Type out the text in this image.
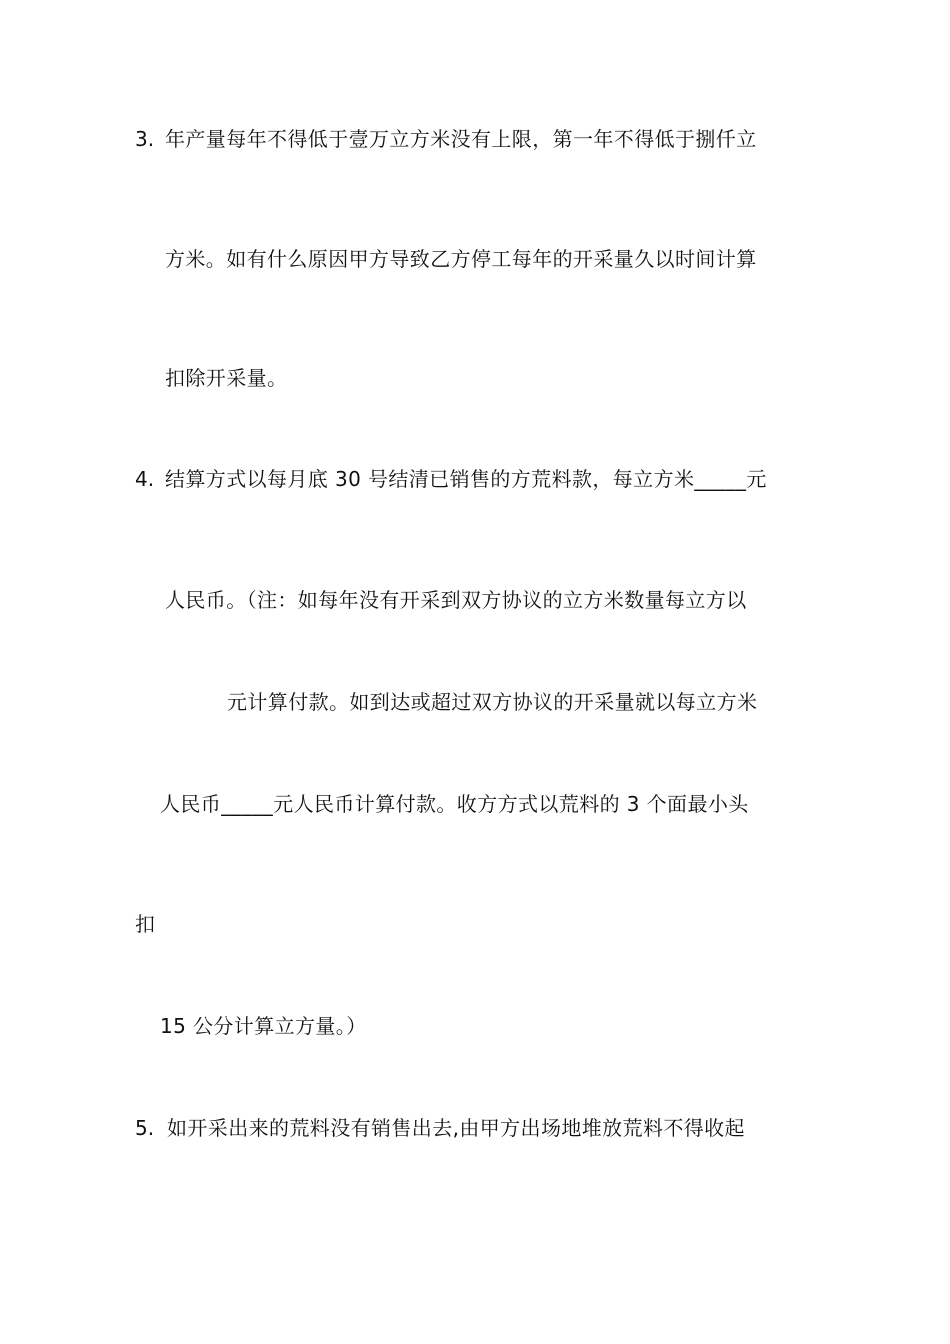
3. 年产量每年不得低于壹万立方米没有上限，第一年不得低于捌仟立
方米。如有什么原因甲方导致乙方停工每年的开采量久以时间计算
扣除开采量。
4. 结算方式以每月底 30 号结清已销售的方荒料款，每立方米_____元
人民币。（注：如每年没有开采到双方协议的立方米数量每立方以
元计算付款。如到达或超过双方协议的开采量就以每立方米
人民币_____元人民币计算付款。收方方式以荒料的 3 个面最小头
扣
15 公分计算立方量。）
5. 如开采出来的荒料没有销售出去,由甲方出场地堆放荒料不得收起
